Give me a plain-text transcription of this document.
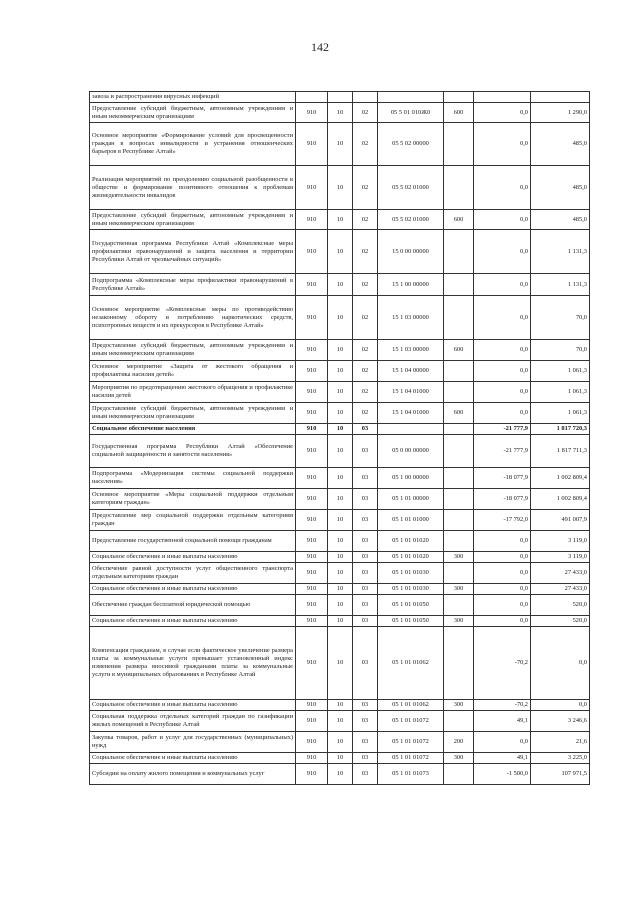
142
завоза и распространения вирусных инфекций							
Предоставление субсидий бюджетным, автономным учреждениям и иным некоммерческим организациям	910	10	02	05 5 01 010Ж0	600	0,0	1 290,0
Основное мероприятие «Формирование условий для просвещенности граждан в вопросах инвалидности и устранения отношенческих барьеров в Республике Алтай»	910	10	02	05 5 02 00000		0,0	485,0
Реализация мероприятий по преодолению социальной разобщенности в обществе и формирование позитивного отношения к проблемам жизнедеятельности инвалидов	910	10	02	05 5 02 01000		0,0	485,0
Предоставление субсидий бюджетным, автономным учреждениям и иным некоммерческим организациям	910	10	02	05 5 02 01000	600	0,0	485,0
Государственная программа Республики Алтай «Комплексные меры профилактики правонарушений и защита населения и территории Республики Алтай от чрезвычайных ситуаций»	910	10	02	15 0 00 00000		0,0	1 131,3
Подпрограмма «Комплексные меры профилактики правонарушений в Республике Алтай»	910	10	02	15 1 00 00000		0,0	1 131,3
Основное мероприятие «Комплексные меры по противодействию незаконному обороту и потреблению наркотических средств, психотропных веществ и их прекурсоров в Республике Алтай»	910	10	02	15 1 03 00000		0,0	70,0
Предоставление субсидий бюджетным, автономным учреждениям и иным некоммерческим организациям	910	10	02	15 1 03 00000	600	0,0	70,0
Основное мероприятие «Защита от жестокого обращения и профилактика насилия детей»	910	10	02	15 1 04 00000		0,0	1 061,3
Мероприятия по предотвращению жестокого обращения и профилактике насилия детей	910	10	02	15 1 04 01000		0,0	1 061,3
Предоставление субсидий бюджетным, автономным учреждениям и иным некоммерческим организациям	910	10	02	15 1 04 01000	600	0,0	1 061,3
Социальное обеспечение населения	910	10	03			-21 777,9	1 817 720,3
Государственная программа Республики Алтай «Обеспечение социальной защищенности и занятости населения»	910	10	03	05 0 00 00000		-21 777,9	1 817 711,3
Подпрограмма «Модернизация системы социальной поддержки населения»	910	10	03	05 1 00 00000		-18 077,9	1 002 809,4
Основное мероприятие «Меры социальной поддержки отдельным категориям граждан»	910	10	03	05 1 01 00000		-18 077,9	1 002 809,4
Предоставление мер социальной поддержки отдельным категориям граждан	910	10	03	05 1 01 01000		-17 792,0	491 007,9
Предоставление государственной социальной помощи гражданам	910	10	03	05 1 01 01020		0,0	3 119,0
Социальное обеспечение и иные выплаты населению	910	10	03	05 1 01 01020	300	0,0	3 119,0
Обеспечение равной доступности услуг общественного транспорта отдельным категориям граждан	910	10	03	05 1 01 01030		0,0	27 433,0
Социальное обеспечение и иные выплаты населению	910	10	03	05 1 01 01030	300	0,0	27 433,0
Обеспечение граждан бесплатной юридической помощью	910	10	03	05 1 01 01050		0,0	520,0
Социальное обеспечение и иные выплаты населению	910	10	03	05 1 01 01050	300	0,0	520,0
Компенсация гражданам, в случае если фактическое увеличение размера платы за коммунальные услуги превышает установленный индекс изменения размера вносимой гражданами платы за коммунальные услуги в муниципальных образованиях в Республике Алтай	910	10	03	05 1 01 01062		-70,2	0,0
Социальное обеспечение и иные выплаты населению	910	10	03	05 1 01 01062	300	-70,2	0,0
Социальная поддержка отдельных категорий граждан по газификации жилых помещений в Республике Алтай	910	10	03	05 1 01 01072		49,1	3 246,6
Закупка товаров, работ и услуг для государственных (муниципальных) нужд	910	10	03	05 1 01 01072	200	0,0	21,6
Социальное обеспечение и иные выплаты населению	910	10	03	05 1 01 01072	300	49,1	3 225,0
Субсидии на оплату жилого помещения и коммунальных услуг	910	10	03	05 1 01 01073		-1 500,0	107 971,5
